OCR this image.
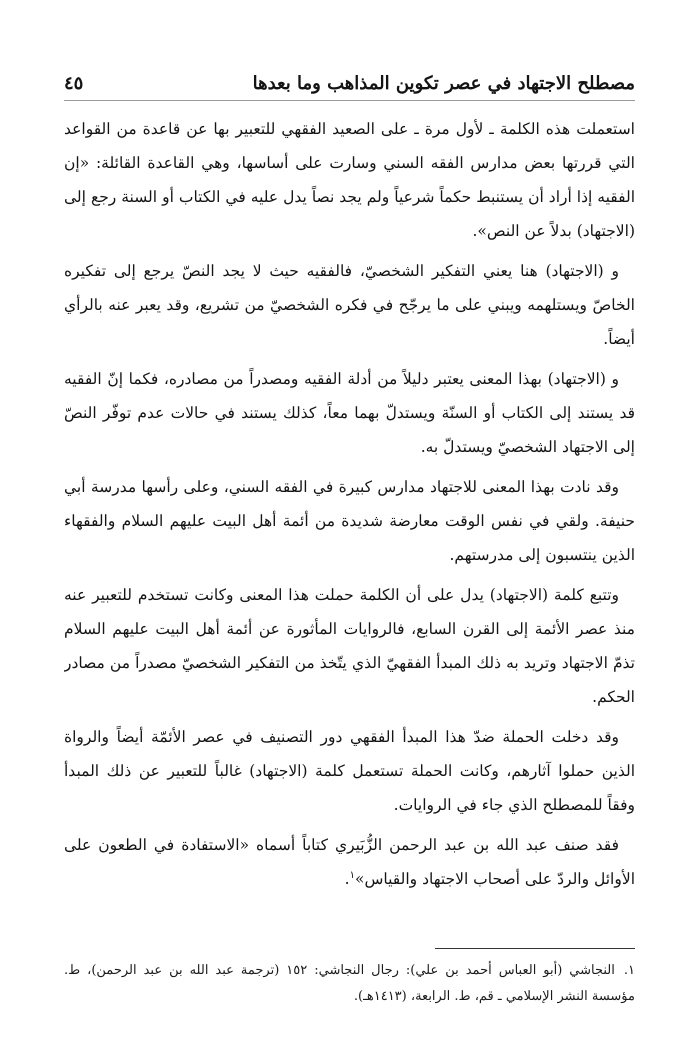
مصطلح الاجتهاد في عصر تكوين المذاهب وما بعدها
٤٥

استعملت هذه الكلمة ـ لأول مرة ـ على الصعيد الفقهي للتعبير بها عن قاعدة من القواعد التي قررتها بعض مدارس الفقه السني وسارت على أساسها، وهي القاعدة القائلة: «إن الفقيه إذا أراد أن يستنبط حكماً شرعياً ولم يجد نصاً يدل عليه في الكتاب أو السنة رجع إلى (الاجتهاد) بدلاً عن النص».

و (الاجتهاد) هنا يعني التفكير الشخصيّ، فالفقيه حيث لا يجد النصّ يرجع إلى تفكيره الخاصّ ويستلهمه ويبني على ما يرجّح في فكره الشخصيّ من تشريع، وقد يعبر عنه بالرأي أيضاً.

و (الاجتهاد) بهذا المعنى يعتبر دليلاً من أدلة الفقيه ومصدراً من مصادره، فكما إنّ الفقيه قد يستند إلى الكتاب أو السنّة ويستدلّ بهما معاً، كذلك يستند في حالات عدم توفّر النصّ إلى الاجتهاد الشخصيّ ويستدلّ به.

وقد نادت بهذا المعنى للاجتهاد مدارس كبيرة في الفقه السني، وعلى رأسها مدرسة أبي حنيفة. ولقي في نفس الوقت معارضة شديدة من أئمة أهل البيت عليهم السلام والفقهاء الذين ينتسبون إلى مدرستهم.

وتتبع كلمة (الاجتهاد) يدل على أن الكلمة حملت هذا المعنى وكانت تستخدم للتعبير عنه منذ عصر الأئمة إلى القرن السابع، فالروايات المأثورة عن أئمة أهل البيت عليهم السلام تذمّ الاجتهاد وتريد به ذلك المبدأ الفقهيّ الذي يتّخذ من التفكير الشخصيّ مصدراً من مصادر الحكم.

وقد دخلت الحملة ضدّ هذا المبدأ الفقهي دور التصنيف في عصر الأئمّة أيضاً والرواة الذين حملوا آثارهم، وكانت الحملة تستعمل كلمة (الاجتهاد) غالباً للتعبير عن ذلك المبدأ وفقاً للمصطلح الذي جاء في الروايات.

فقد صنف عبد الله بن عبد الرحمن الزُّبَيري كتاباً أسماه «الاستفادة في الطعون على الأوائل والردّ على أصحاب الاجتهاد والقياس»$^١$.

١. النجاشي (أبو العباس أحمد بن علي): رجال النجاشي: ١٥٢ (ترجمة عبد الله بن عبد الرحمن)، ط. مؤسسة النشر الإسلامي ـ قم، ط. الرابعة، (١٤١٣هـ).
